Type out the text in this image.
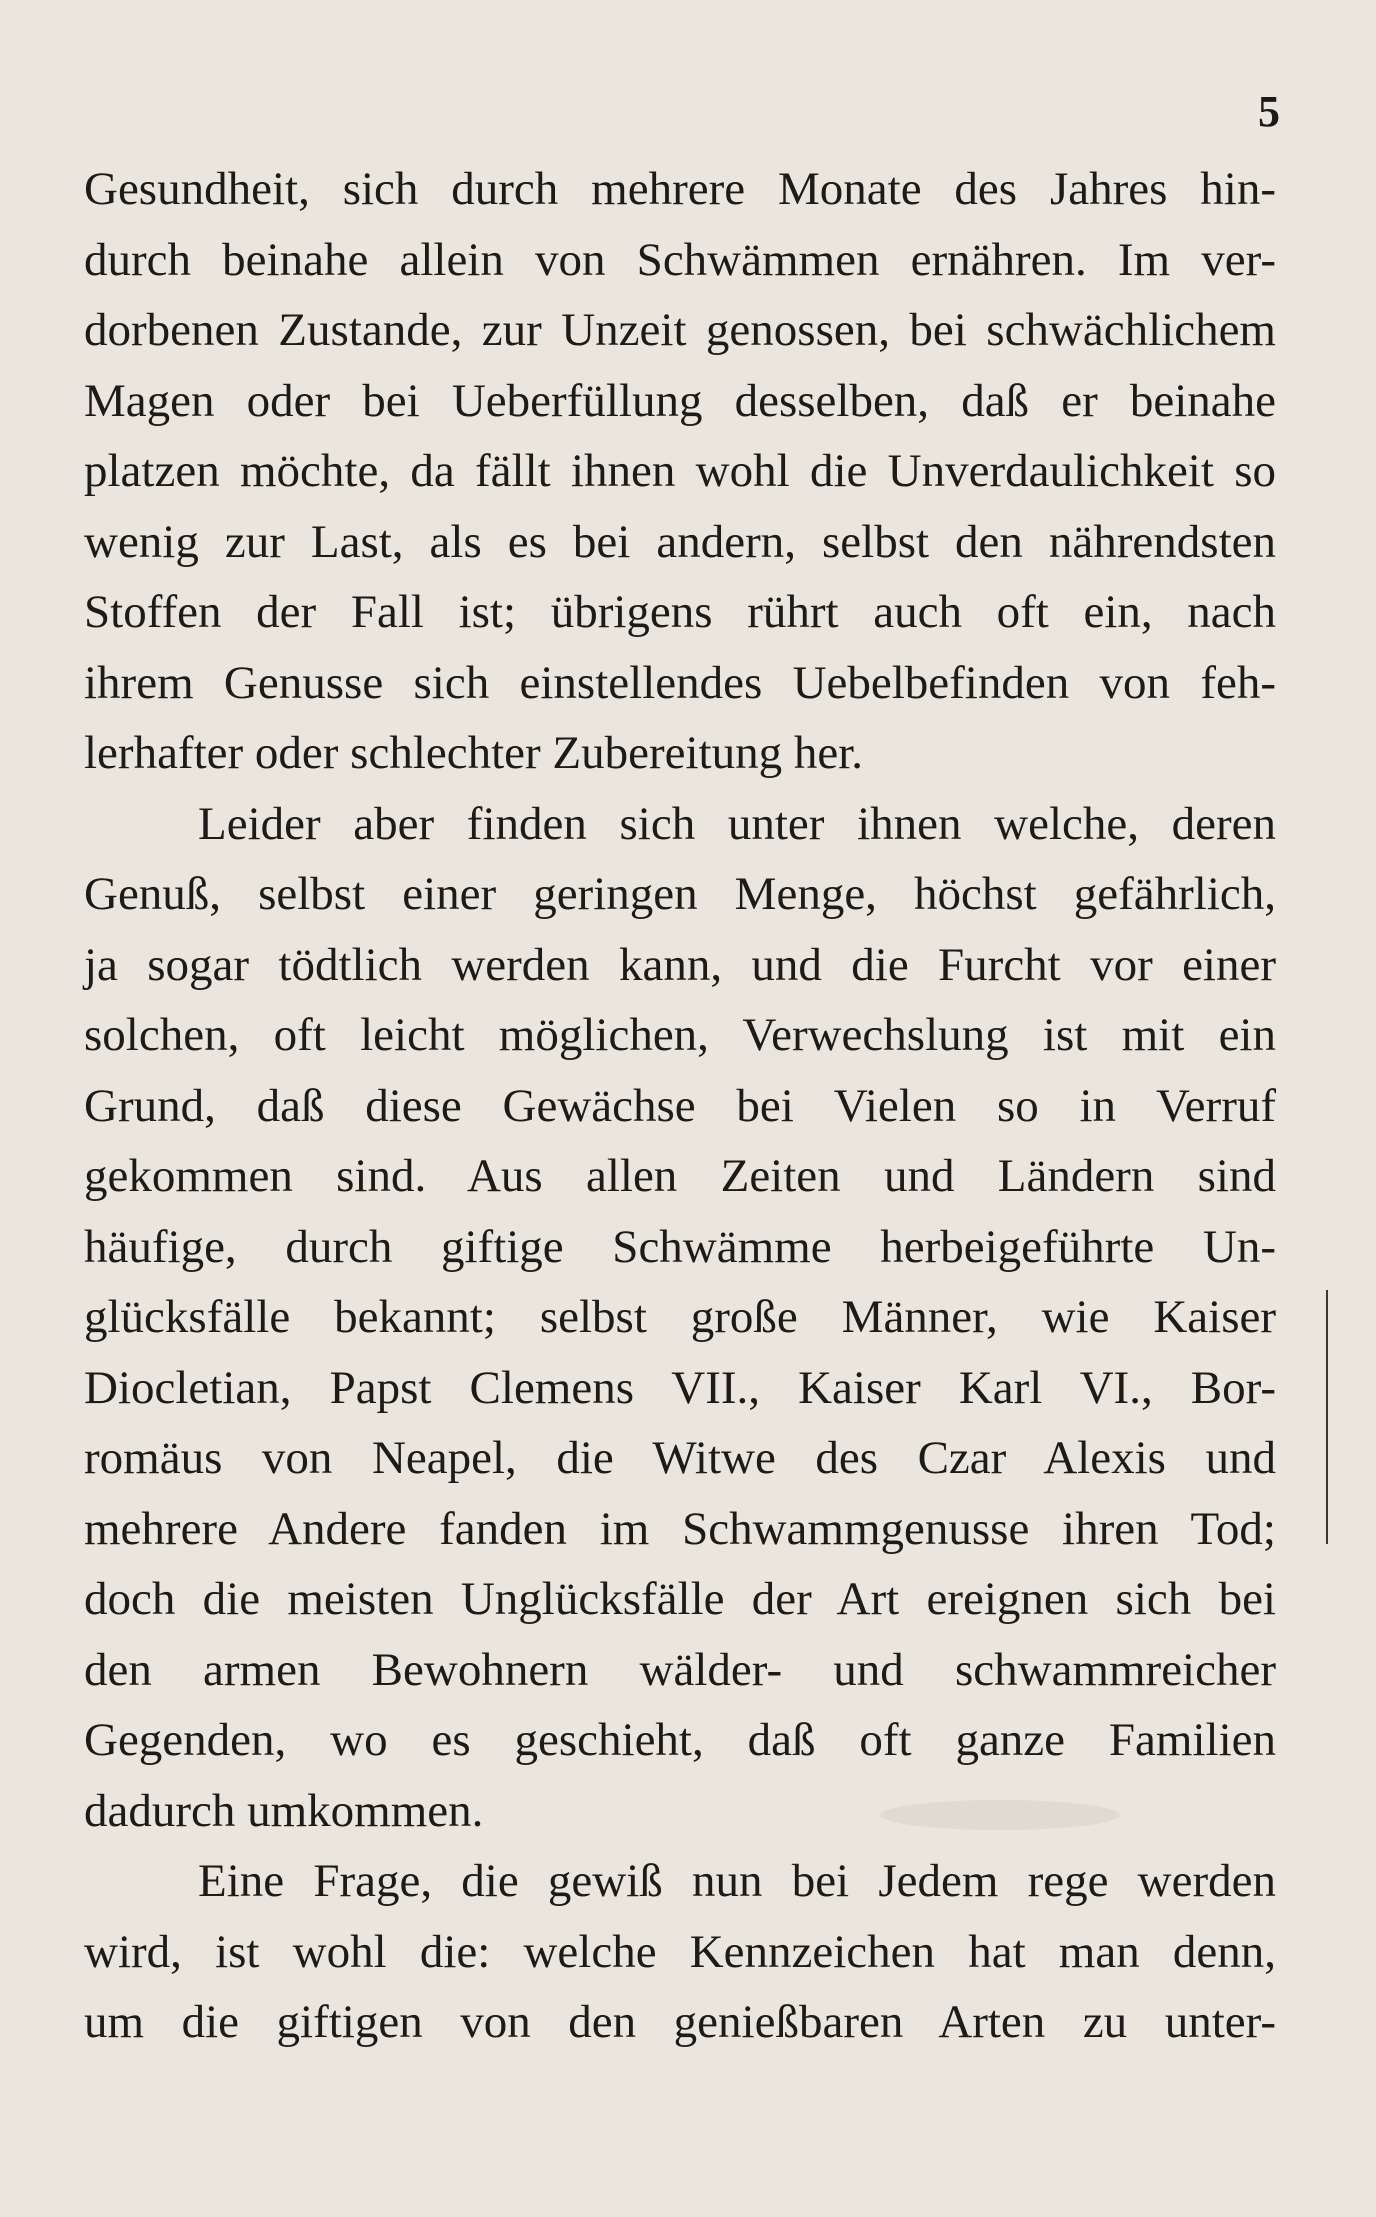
5
Gesundheit, sich durch mehrere Monate des Jahres hin-
durch beinahe allein von Schwämmen ernähren. Im ver-
dorbenen Zustande, zur Unzeit genossen, bei schwächlichem
Magen oder bei Ueberfüllung desselben, daß er beinahe
platzen möchte, da fällt ihnen wohl die Unverdaulichkeit so
wenig zur Last, als es bei andern, selbst den nährendsten
Stoffen der Fall ist; übrigens rührt auch oft ein, nach
ihrem Genusse sich einstellendes Uebelbefinden von feh-
lerhafter oder schlechter Zubereitung her.
Leider aber finden sich unter ihnen welche, deren
Genuß, selbst einer geringen Menge, höchst gefährlich,
ja sogar tödtlich werden kann, und die Furcht vor einer
solchen, oft leicht möglichen, Verwechslung ist mit ein
Grund, daß diese Gewächse bei Vielen so in Verruf
gekommen sind. Aus allen Zeiten und Ländern sind
häufige, durch giftige Schwämme herbeigeführte Un-
glücksfälle bekannt; selbst große Männer, wie Kaiser
Diocletian, Papst Clemens VII., Kaiser Karl VI., Bor-
romäus von Neapel, die Witwe des Czar Alexis und
mehrere Andere fanden im Schwammgenusse ihren Tod;
doch die meisten Unglücksfälle der Art ereignen sich bei
den armen Bewohnern wälder- und schwammreicher
Gegenden, wo es geschieht, daß oft ganze Familien
dadurch umkommen.
Eine Frage, die gewiß nun bei Jedem rege werden
wird, ist wohl die: welche Kennzeichen hat man denn,
um die giftigen von den genießbaren Arten zu unter-
